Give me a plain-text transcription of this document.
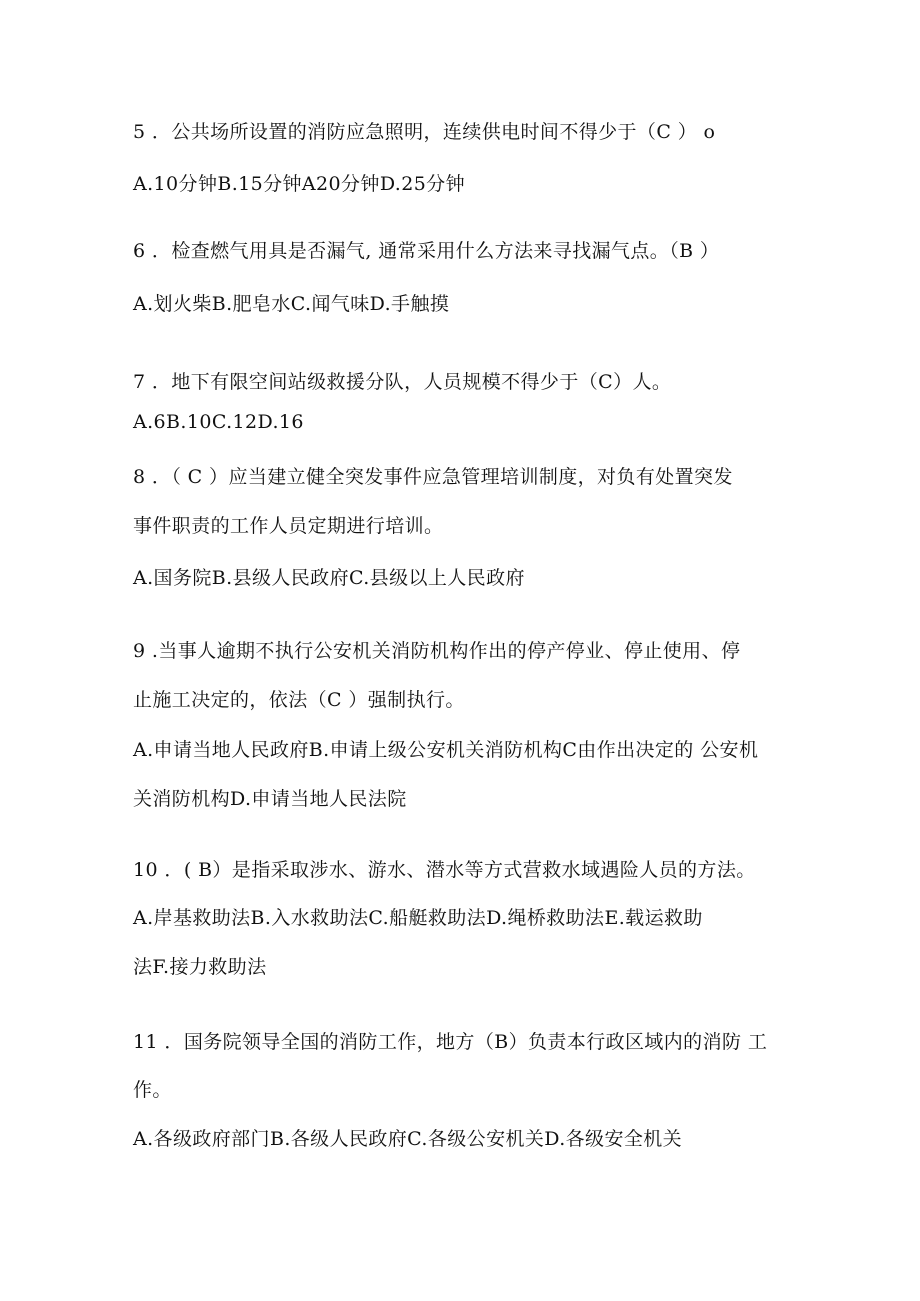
5 ．公共场所设置的消防应急照明，连续供电时间不得少于（C ） o
A.10分钟B.15分钟A20分钟D.25分钟
6 ．检查燃气用具是否漏气, 通常采用什么方法来寻找漏气点。（B ）
A.划火柴B.肥皂水C.闻气味D.手触摸
7 ．地下有限空间站级救援分队，人员规模不得少于（C）人。
A.6B.10C.12D.16
8 ．（ C ）应当建立健全突发事件应急管理培训制度，对负有处置突发
事件职责的工作人员定期进行培训。
A.国务院B.县级人民政府C.县级以上人民政府
9 .当事人逾期不执行公安机关消防机构作出的停产停业、停止使用、停
止施工决定的，依法（C ）强制执行。
A.申请当地人民政府B.申请上级公安机关消防机构C由作出决定的 公安机
关消防机构D.申请当地人民法院
10 ．( B）是指采取涉水、游水、潜水等方式营救水域遇险人员的方法。
A.岸基救助法B.入水救助法C.船艇救助法D.绳桥救助法E.载运救助
法F.接力救助法
11 ．国务院领导全国的消防工作，地方（B）负责本行政区域内的消防 工
作。
A.各级政府部门B.各级人民政府C.各级公安机关D.各级安全机关
